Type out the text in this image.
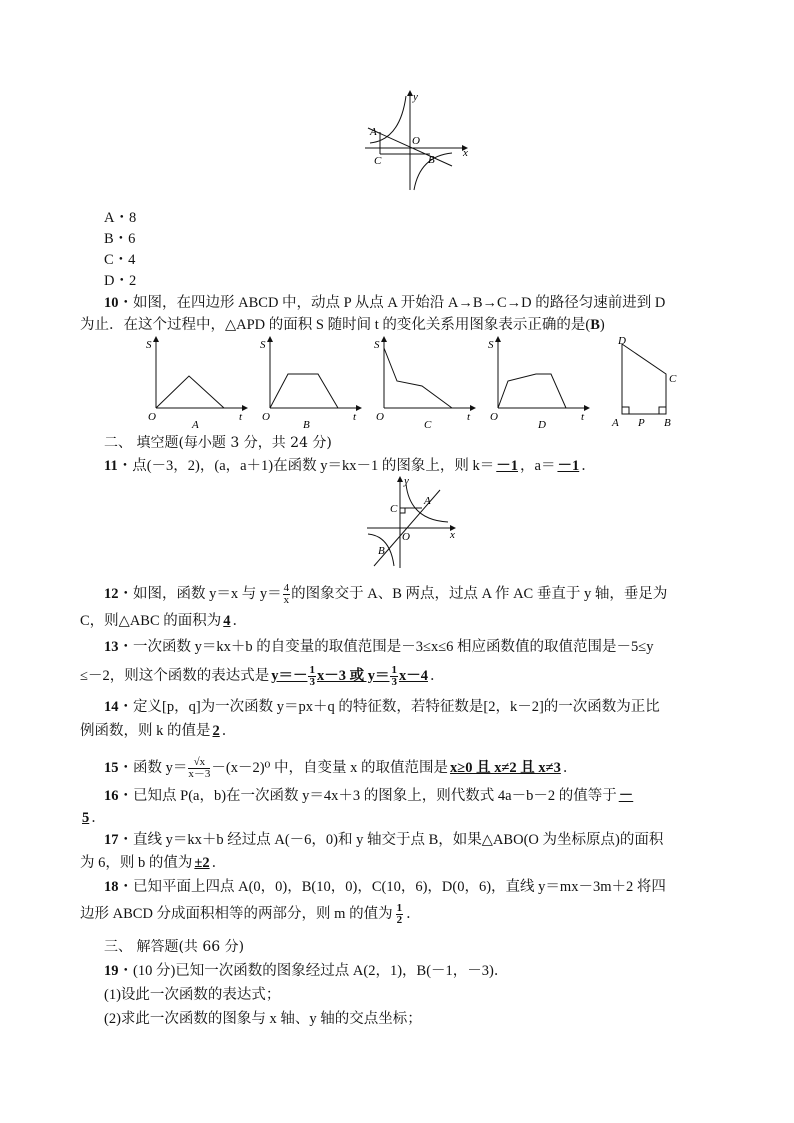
A
y
x
O
C	B
A・8
B・6
C・4
D・2
10・如图，在四边形 ABCD 中，动点 P 从点 A 开始沿 A→B→C→D 的路径匀速前进到 D
为止．在这个过程中，△APD 的面积 S 随时间 t 的变化关系用图象表示正确的是(B)
S
O	t
A
S
O	t
B
S
O	t
C
S
O	t
D
D
C
A P B
二、 填空题(每小题 3 分，共 24 分)
11・点(－3，2)，(a，a＋1)在函数 y＝kx－1 的图象上，则 k＝ －1 ，a＝ －1 ．
y
A
C
O	x
B
12・如图，函数 y＝x 与 $y= \frac{4}{x}$ 的图象交于 A、B 两点，过点 A 作 AC 垂直于 y 轴，垂足为
C，则△ABC 的面积为 4 ．
13・一次函数 y＝kx＋b 的自变量的取值范围是－3≤x≤6 相应函数值的取值范围是－5≤y
≤－2，则这个函数的表达式是 $y=- \frac{1}{3} x-3$ 或 $y= \frac{1}{3} x-4$ ．
14・定义[p，q]为一次函数 y＝px＋q 的特征数，若特征数是[2，k－2]的一次函数为正比
例函数，则 k 的值是 2 ．
15・函数 $y= \frac{√x}{x-3} -(x-2)^0$ 中，自变量 x 的取值范围是 x≥0 且 x≠2 且 x≠3 ．
16・已知点 P(a，b)在一次函数 y＝4x＋3 的图象上，则代数式 4a－b－2 的值等于 －
5 ．
17・直线 y＝kx＋b 经过点 A(－6，0)和 y 轴交于点 B，如果△ABO(O 为坐标原点)的面积
为 6，则 b 的值为 ±2 ．
18・已知平面上四点 A(0，0)，B(10，0)，C(10，6)，D(0，6)，直线 y＝mx－3m＋2 将四
边形 ABCD 分成面积相等的两部分，则 m 的值为 $\frac{1}{2}$ ．
三、 解答题(共 66 分)
19・(10 分)已知一次函数的图象经过点 A(2，1)，B(－1，－3)．
(1)设此一次函数的表达式；
(2)求此一次函数的图象与 x 轴、y 轴的交点坐标；
